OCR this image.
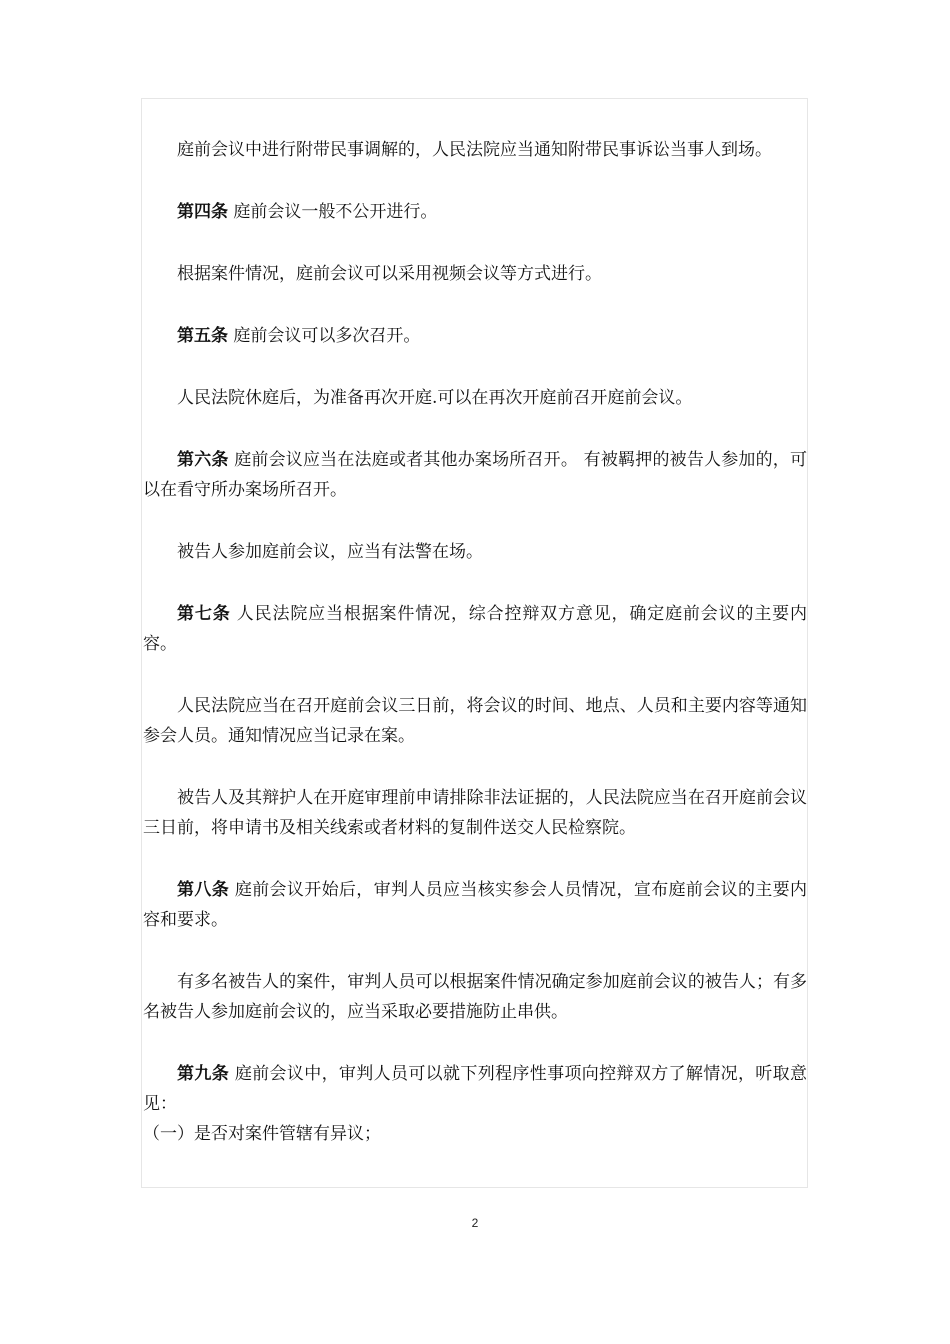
庭前会议中进行附带民事调解的，人民法院应当通知附带民事诉讼当事人到场。

第四条 庭前会议一般不公开进行。

根据案件情况，庭前会议可以采用视频会议等方式进行。

第五条 庭前会议可以多次召开。

人民法院休庭后，为准备再次开庭.可以在再次开庭前召开庭前会议。

第六条 庭前会议应当在法庭或者其他办案场所召开。 有被羁押的被告人参加的，可以在看守所办案场所召开。

被告人参加庭前会议，应当有法警在场。

第七条 人民法院应当根据案件情况，综合控辩双方意见，确定庭前会议的主要内容。

人民法院应当在召开庭前会议三日前，将会议的时间、地点、人员和主要内容等通知参会人员。通知情况应当记录在案。

被告人及其辩护人在开庭审理前申请排除非法证据的，人民法院应当在召开庭前会议三日前，将申请书及相关线索或者材料的复制件送交人民检察院。

第八条 庭前会议开始后，审判人员应当核实参会人员情况，宣布庭前会议的主要内容和要求。

有多名被告人的案件，审判人员可以根据案件情况确定参加庭前会议的被告人；有多名被告人参加庭前会议的，应当采取必要措施防止串供。

第九条 庭前会议中，审判人员可以就下列程序性事项向控辩双方了解情况，听取意见：

（一）是否对案件管辖有异议；

2
